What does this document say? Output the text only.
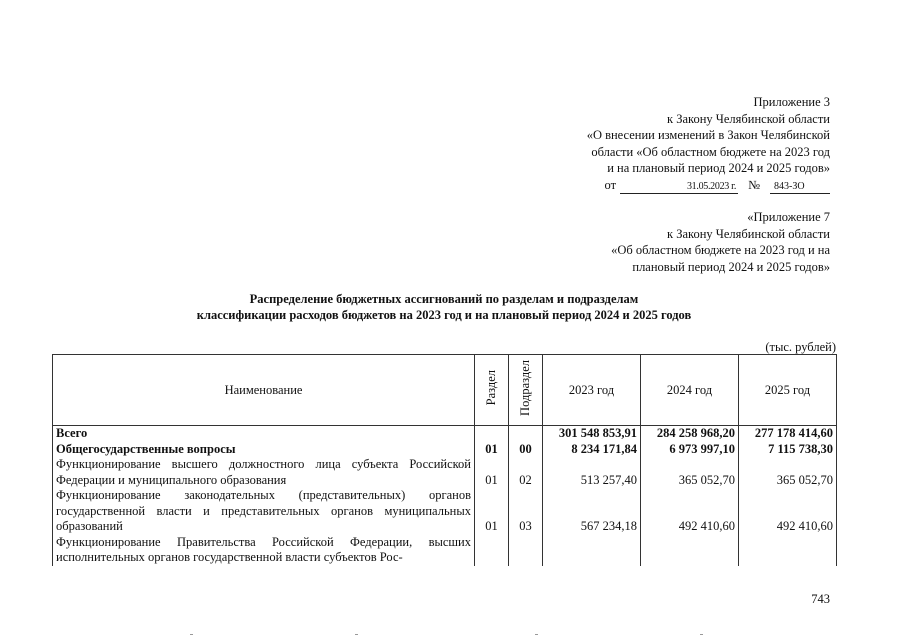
Приложение 3
к Закону Челябинской области
«О внесении изменений в Закон Челябинской
области «Об областном бюджете на 2023 год
и на плановый период 2024 и 2025 годов»
от	31.05.2023 г. № 843-ЗО
«Приложение 7
к Закону Челябинской области
«Об областном бюджете на 2023 год и на
плановый период 2024 и 2025 годов»
Распределение бюджетных ассигнований по разделам и подразделам
классификации расходов бюджетов на 2023 год и на плановый период 2024 и 2025 годов
(тыс. рублей)
Наименование	Раздел	Подраздел	2023 год	2024 год	2025 год
Всего			301 548 853,91	284 258 968,20	277 178 414,60
Общегосударственные вопросы	01	00	8 234 171,84	6 973 997,10	7 115 738,30
Функционирование высшего должностного лица субъекта Российской Федерации и муниципального образования	01	02	513 257,40	365 052,70	365 052,70
Функционирование законодательных (представительных) органов государственной власти и представительных органов муниципальных образований	01	03	567 234,18	492 410,60	492 410,60
Функционирование Правительства Российской Федерации, высших исполнительных органов государственной власти субъектов Рос-					
743
